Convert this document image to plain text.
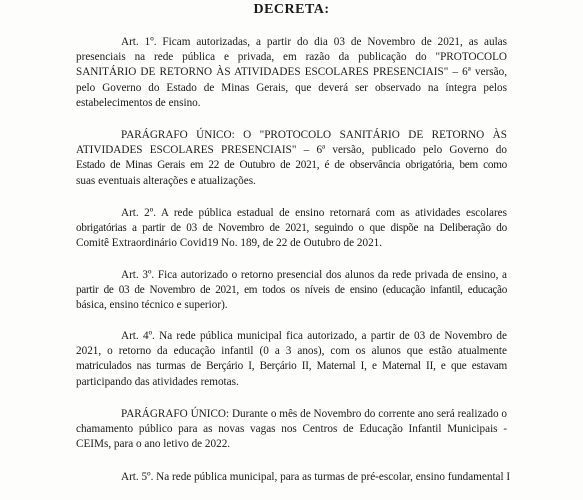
DECRETA:
Art. 1º. Ficam autorizadas, a partir do dia 03 de Novembro de 2021, as aulas
presenciais na rede pública e privada, em razão da publicação do "PROTOCOLO
SANITÁRIO DE RETORNO ÀS ATIVIDADES ESCOLARES PRESENCIAIS" – 6ª versão,
pelo Governo do Estado de Minas Gerais, que deverá ser observado na íntegra pelos
estabelecimentos de ensino.
PARÁGRAFO ÚNICO: O "PROTOCOLO SANITÁRIO DE RETORNO ÀS
ATIVIDADES ESCOLARES PRESENCIAIS" – 6ª versão, publicado pelo Governo do
Estado de Minas Gerais em 22 de Outubro de 2021, é de observância obrigatória, bem como
suas eventuais alterações e atualizações.
Art. 2º. A rede pública estadual de ensino retornará com as atividades escolares
obrigatórias a partir de 03 de Novembro de 2021, seguindo o que dispõe na Deliberação do
Comitê Extraordinário Covid19 No. 189, de 22 de Outubro de 2021.
Art. 3º. Fica autorizado o retorno presencial dos alunos da rede privada de ensino, a
partir de 03 de Novembro de 2021, em todos os níveis de ensino (educação infantil, educação
básica, ensino técnico e superior).
Art. 4º. Na rede pública municipal fica autorizado, a partir de 03 de Novembro de
2021, o retorno da educação infantil (0 a 3 anos), com os alunos que estão atualmente
matriculados nas turmas de Berçário I, Berçário II, Maternal I, e Maternal II, e que estavam
participando das atividades remotas.
PARÁGRAFO ÚNICO: Durante o mês de Novembro do corrente ano será realizado o
chamamento público para as novas vagas nos Centros de Educação Infantil Municipais -
CEIMs, para o ano letivo de 2022.
Art. 5º. Na rede pública municipal, para as turmas de pré-escolar, ensino fundamental I
